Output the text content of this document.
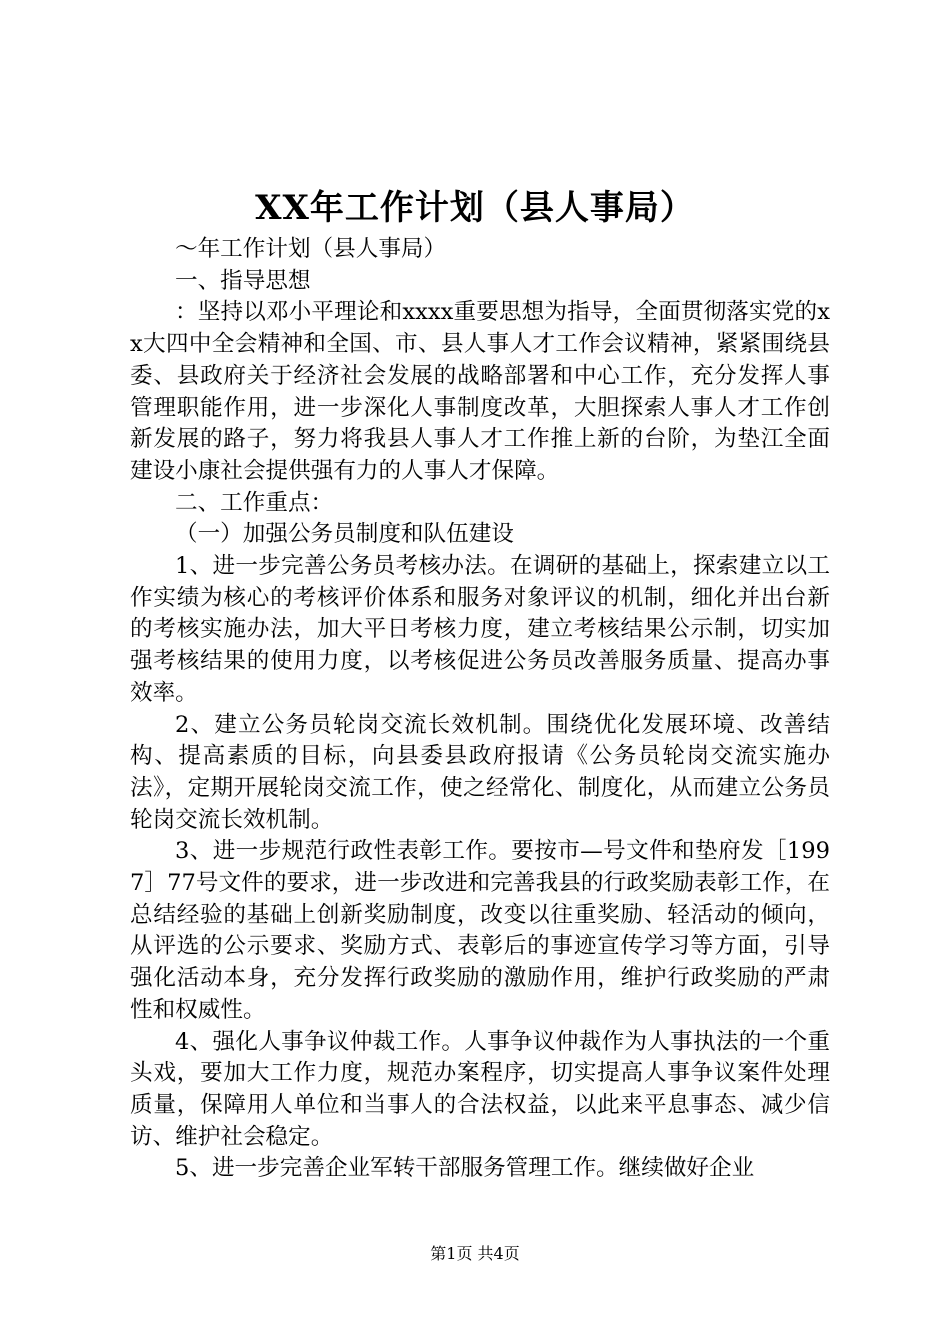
XX年工作计划（县人事局）

～年工作计划（县人事局）

一、指导思想

：坚持以邓小平理论和xxxx重要思想为指导，全面贯彻落实党的xx大四中全会精神和全国、市、县人事人才工作会议精神，紧紧围绕县委、县政府关于经济社会发展的战略部署和中心工作，充分发挥人事管理职能作用，进一步深化人事制度改革，大胆探索人事人才工作创新发展的路子，努力将我县人事人才工作推上新的台阶，为垫江全面建设小康社会提供强有力的人事人才保障。

二、工作重点：

（一）加强公务员制度和队伍建设

1、进一步完善公务员考核办法。在调研的基础上，探索建立以工作实绩为核心的考核评价体系和服务对象评议的机制，细化并出台新的考核实施办法，加大平日考核力度，建立考核结果公示制，切实加强考核结果的使用力度，以考核促进公务员改善服务质量、提高办事效率。

2、建立公务员轮岗交流长效机制。围绕优化发展环境、改善结构、提高素质的目标，向县委县政府报请《公务员轮岗交流实施办法》，定期开展轮岗交流工作，使之经常化、制度化，从而建立公务员轮岗交流长效机制。

3、进一步规范行政性表彰工作。要按市—号文件和垫府发［1997］77号文件的要求，进一步改进和完善我县的行政奖励表彰工作，在总结经验的基础上创新奖励制度，改变以往重奖励、轻活动的倾向，从评选的公示要求、奖励方式、表彰后的事迹宣传学习等方面，引导强化活动本身，充分发挥行政奖励的激励作用，维护行政奖励的严肃性和权威性。

4、强化人事争议仲裁工作。人事争议仲裁作为人事执法的一个重头戏，要加大工作力度，规范办案程序，切实提高人事争议案件处理质量，保障用人单位和当事人的合法权益，以此来平息事态、减少信访、维护社会稳定。

5、进一步完善企业军转干部服务管理工作。继续做好企业

第1页 共4页
